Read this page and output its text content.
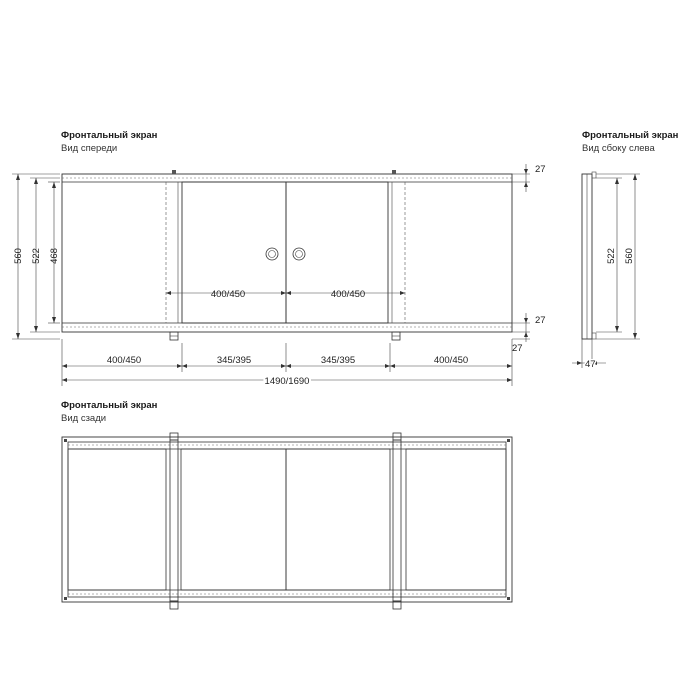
Фронтальный экран
Вид спереди
Фронтальный экран
Вид сбоку слева
Фронтальный экран
Вид сзади
400/450	400/450
560 522 468
27
27
27
400/450	345/395	345/395	400/450
1490/1690
522 560
47
